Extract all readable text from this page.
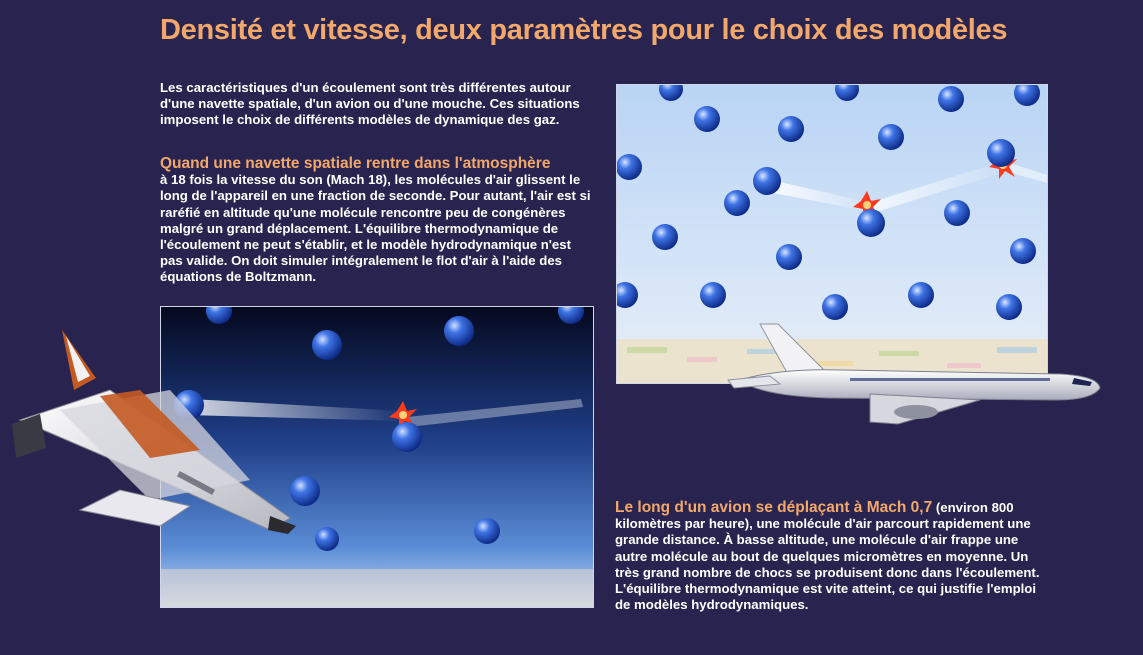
Densité et vitesse, deux paramètres pour le choix des modèles

Les caractéristiques d'un écoulement sont très différentes autour d'une navette spatiale, d'un avion ou d'une mouche. Ces situations imposent le choix de différents modèles de dynamique des gaz.

Quand une navette spatiale rentre dans l'atmosphère
à 18 fois la vitesse du son (Mach 18), les molécules d'air glissent le long de l'appareil en une fraction de seconde. Pour autant, l'air est si raréfié en altitude qu'une molécule rencontre peu de congénères malgré un grand déplacement. L'équilibre thermodynamique de l'écoulement ne peut s'établir, et le modèle hydrodynamique n'est pas valide. On doit simuler intégralement le flot d'air à l'aide des équations de Boltzmann.

Le long d'un avion se déplaçant à Mach 0,7 (environ 800 kilomètres par heure), une molécule d'air parcourt rapidement une grande distance. À basse altitude, une molécule d'air frappe une autre molécule au bout de quelques micromètres en moyenne. Un très grand nombre de chocs se produisent donc dans l'écoulement. L'équilibre thermodynamique est vite atteint, ce qui justifie l'emploi de modèles hydrodynamiques.
